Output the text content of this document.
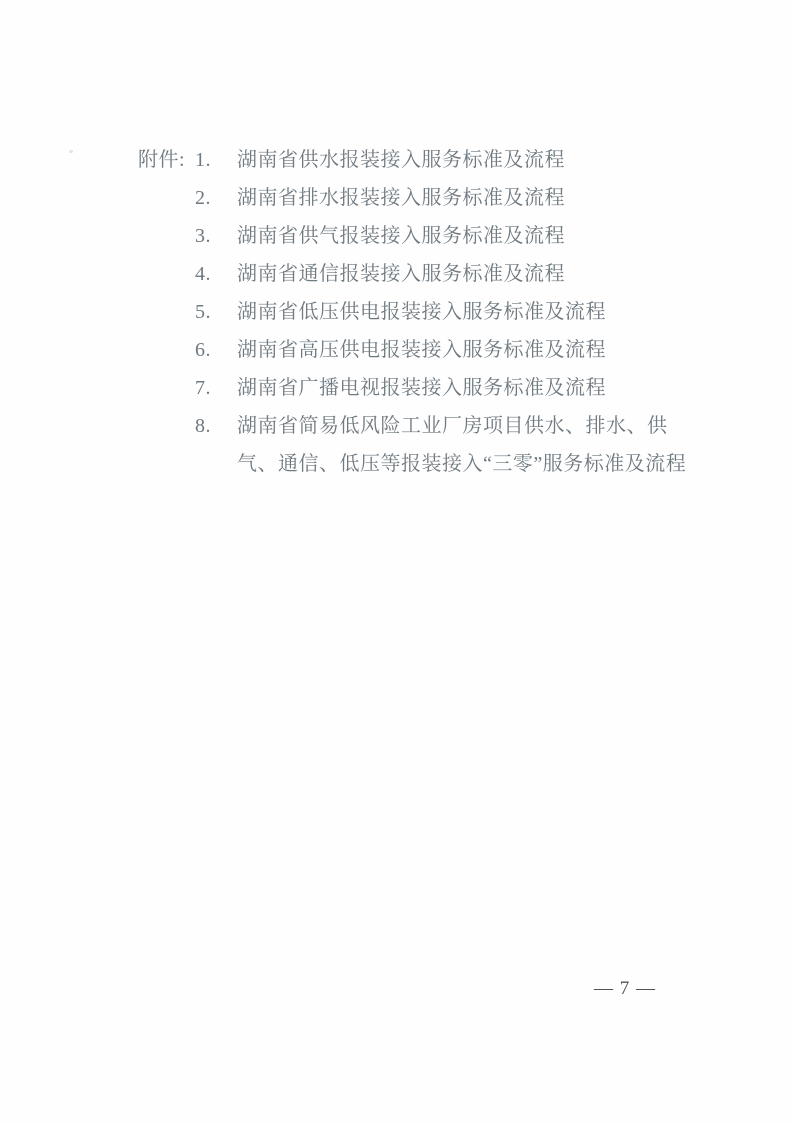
附件: 1.	湖南省供水报装接入服务标准及流程
2.	湖南省排水报装接入服务标准及流程
3.	湖南省供气报装接入服务标准及流程
4.	湖南省通信报装接入服务标准及流程
5.	湖南省低压供电报装接入服务标准及流程
6.	湖南省高压供电报装接入服务标准及流程
7.	湖南省广播电视报装接入服务标准及流程
8.	湖南省简易低风险工业厂房项目供水、排水、供
气、通信、低压等报装接入“三零”服务标准及流程
— 7 —
